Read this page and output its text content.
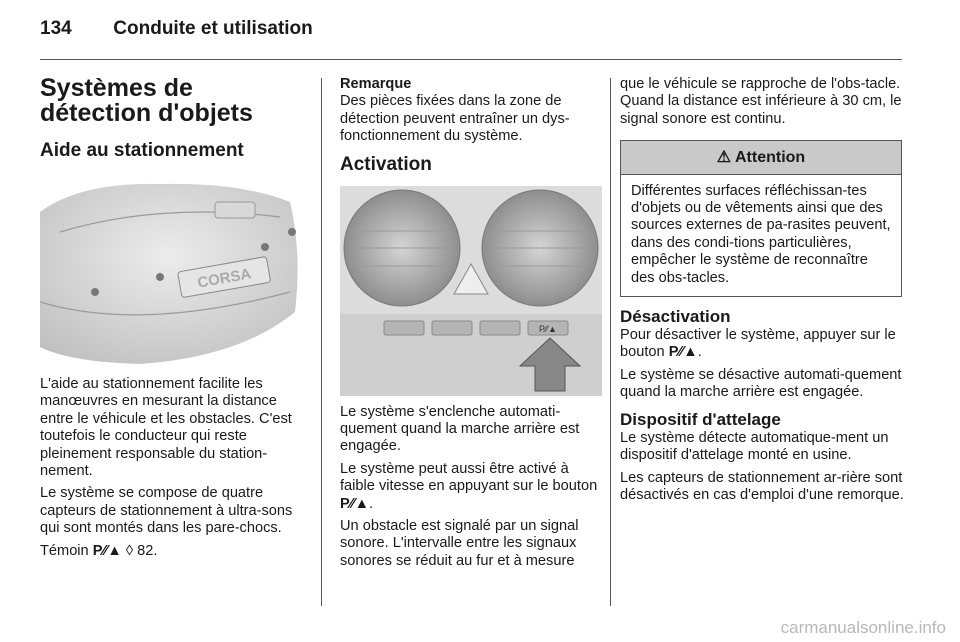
134 Conduite et utilisation
Systèmes de détection d'objets
Aide au stationnement
CORSA

L'aide au stationnement facilite les manœuvres en mesurant la distance entre le véhicule et les obstacles. C'est toutefois le conducteur qui reste pleinement responsable du station-nement.

Le système se compose de quatre capteurs de stationnement à ultra-sons qui sont montés dans les pare-chocs.

Témoin P⁄⁄▲ ◊ 82.

Remarque

Des pièces fixées dans la zone de détection peuvent entraîner un dys-fonctionnement du système.

Activation
P⁄⁄▲

Le système s'enclenche automati-quement quand la marche arrière est engagée.

Le système peut aussi être activé à faible vitesse en appuyant sur le bouton P⁄⁄▲.

Un obstacle est signalé par un signal sonore. L'intervalle entre les signaux sonores se réduit au fur et à mesure

que le véhicule se rapproche de l'obs-tacle. Quand la distance est inférieure à 30 cm, le signal sonore est continu.

⚠ Attention
Différentes surfaces réfléchissan-tes d'objets ou de vêtements ainsi que des sources externes de pa-rasites peuvent, dans des condi-tions particulières, empêcher le système de reconnaître des obs-tacles.
Désactivation

Pour désactiver le système, appuyer sur le bouton P⁄⁄▲.

Le système se désactive automati-quement quand la marche arrière est engagée.

Dispositif d'attelage

Le système détecte automatique-ment un dispositif d'attelage monté en usine.

Les capteurs de stationnement ar-rière sont désactivés en cas d'emploi d'une remorque.

carmanualsonline.info
